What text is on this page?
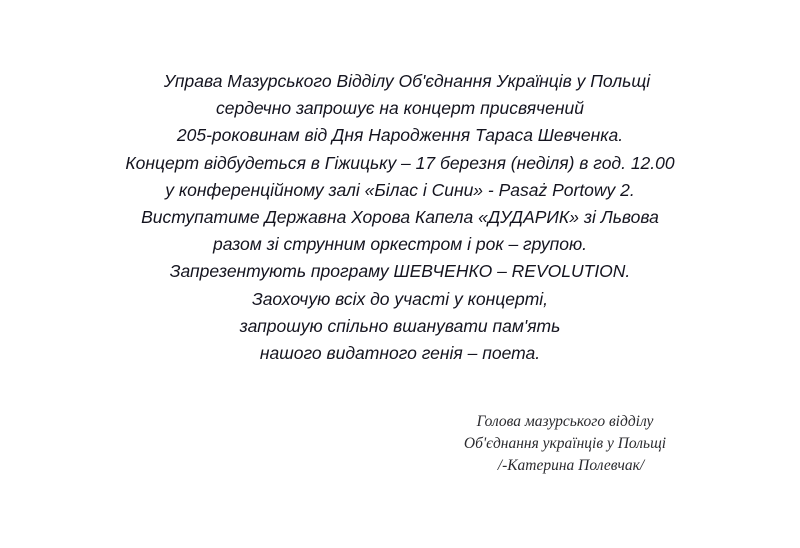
Управа Мазурського Відділу Об'єднання Українців у Польщі
сердечно запрошує на концерт присвячений
205-роковинам від Дня Народження Тараса Шевченка.
Концерт відбудеться в Гіжицьку – 17 березня (неділя) в год. 12.00
у конференційному залі «Білас і Сини» - Pasaż Portowy 2.
Виступатиме Державна Хорова Капела «ДУДАРИК» зі Львова
разом зі струнним оркестром і рок – групою.
Запрезентують програму ШЕВЧЕНКО – REVOLUTION.
Заохочую всіх до участі у концерті,
запрошую спільно вшанувати пам'ять
нашого видатного генія – поета.
Голова мазурського відділу
Об'єднання українців у Польщі
/-Катерина Полевчак/
